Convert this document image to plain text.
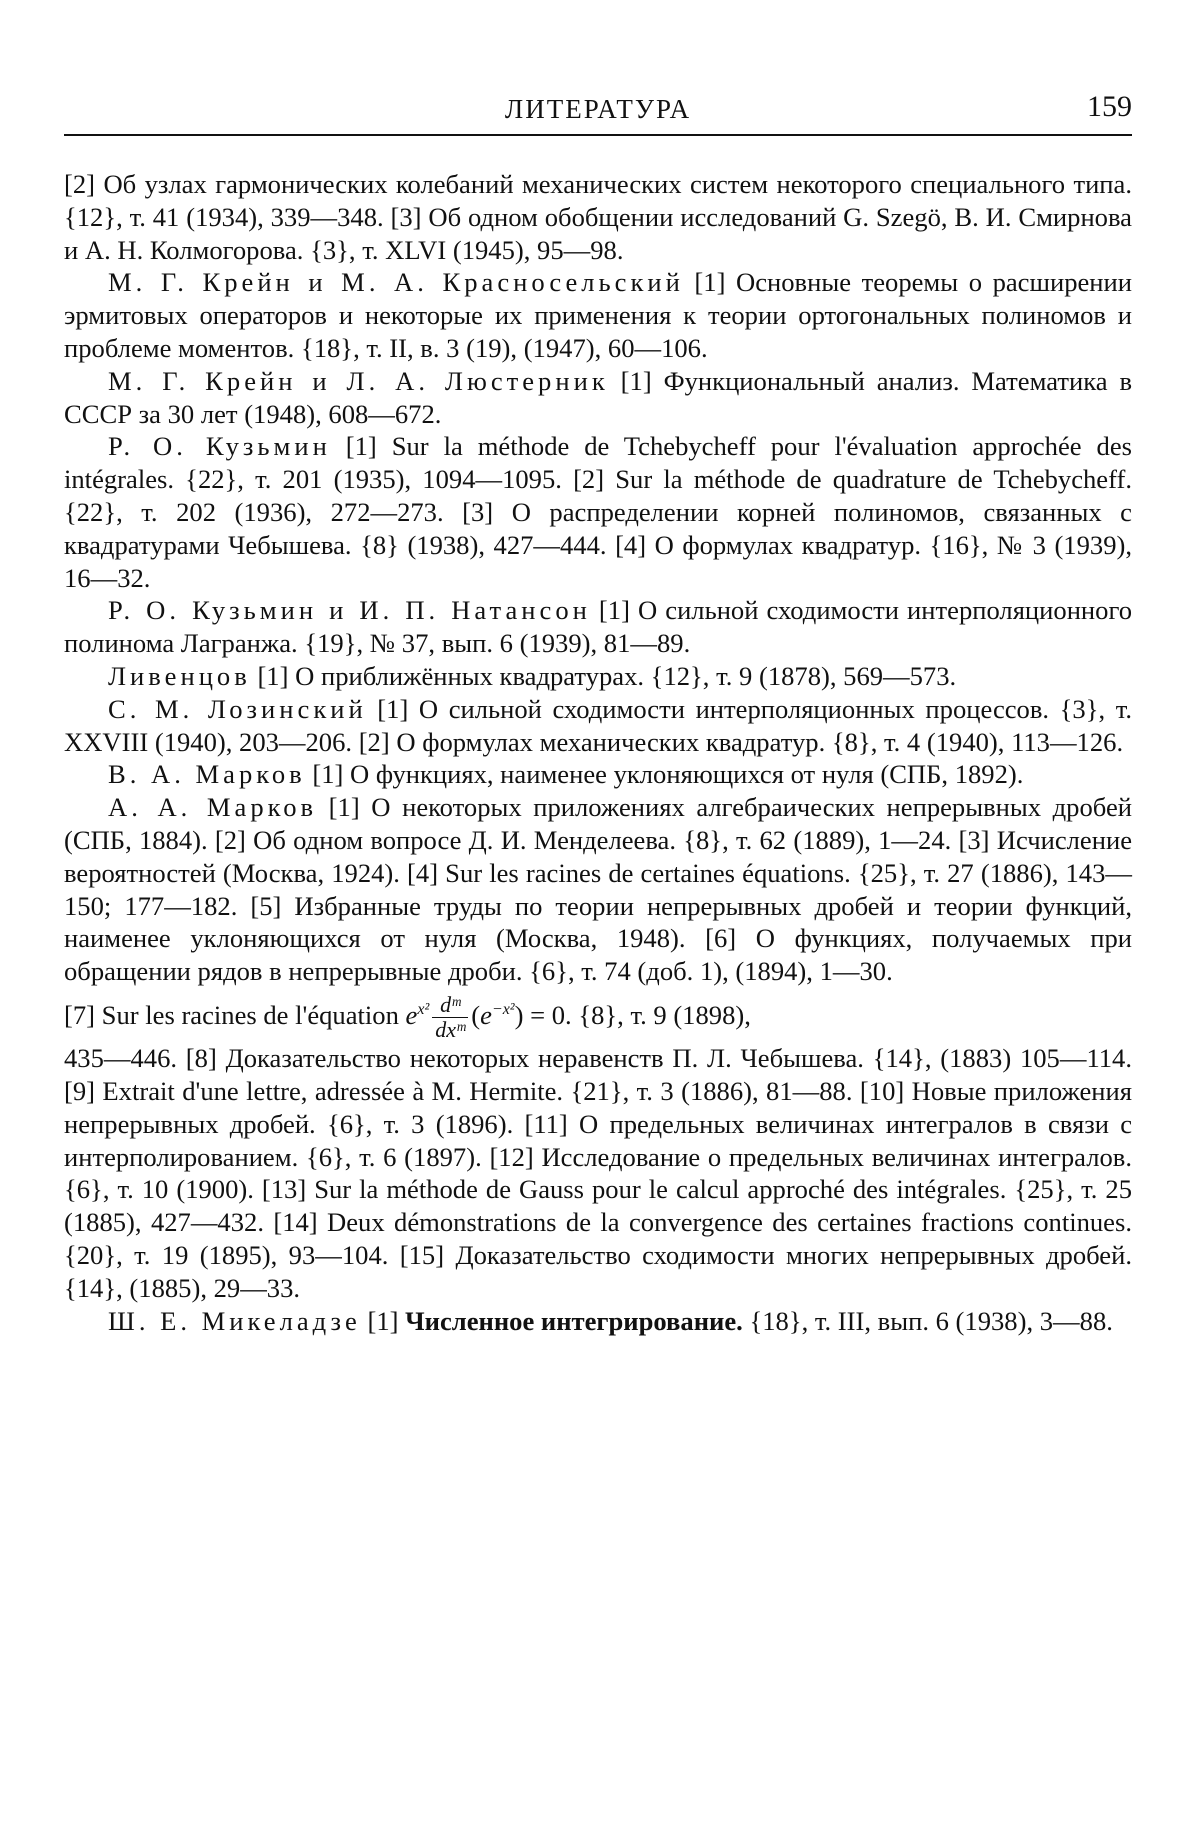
ЛИТЕРАТУРА	159

[2] Об узлах гармонических колебаний механических систем некоторого специального типа. {12}, т. 41 (1934), 339—348. [3] Об одном обобщении исследований G. Szegö, В. И. Смирнова и А. Н. Колмогорова. {3}, т. XLVI (1945), 95—98.

М. Г. Крейн и М. А. Красносельский [1] Основные теоремы о расширении эрмитовых операторов и некоторые их применения к теории ортогональных полиномов и проблеме моментов. {18}, т. II, в. 3 (19), (1947), 60—106.

М. Г. Крейн и Л. А. Люстерник [1] Функциональный анализ. Математика в СССР за 30 лет (1948), 608—672.

Р. О. Кузьмин [1] Sur la méthode de Tchebycheff pour l'évaluation approchée des intégrales. {22}, т. 201 (1935), 1094—1095. [2] Sur la méthode de quadrature de Tchebycheff. {22}, т. 202 (1936), 272—273. [3] О распределении корней полиномов, связанных с квадратурами Чебышева. {8} (1938), 427—444. [4] О формулах квадратур. {16}, № 3 (1939), 16—32.

Р. О. Кузьмин и И. П. Натансон [1] О сильной сходимости интерполяционного полинома Лагранжа. {19}, № 37, вып. 6 (1939), 81—89.

Ливенцов [1] О приближённых квадратурах. {12}, т. 9 (1878), 569—573.

С. М. Лозинский [1] О сильной сходимости интерполяционных процессов. {3}, т. XXVIII (1940), 203—206. [2] О формулах механических квадратур. {8}, т. 4 (1940), 113—126.

В. А. Марков [1] О функциях, наименее уклоняющихся от нуля (СПБ, 1892).

А. А. Марков [1] О некоторых приложениях алгебраических непрерывных дробей (СПБ, 1884). [2] Об одном вопросе Д. И. Менделеева. {8}, т. 62 (1889), 1—24. [3] Исчисление вероятностей (Москва, 1924). [4] Sur les racines de certaines équations. {25}, т. 27 (1886), 143—150; 177—182. [5] Избранные труды по теории непрерывных дробей и теории функций, наименее уклоняющихся от нуля (Москва, 1948). [6] О функциях, получаемых при обращении рядов в непрерывные дроби. {6}, т. 74 (доб. 1), (1894), 1—30.

[7] Sur les racines de l'équation $e^{x^2} \frac{\text{dᵐ}}{\text{dxᵐ}} (e^{-x^2}) = 0$. {8}, т. 9 (1898),

435—446. [8] Доказательство некоторых неравенств П. Л. Чебышева. {14}, (1883) 105—114. [9] Extrait d'une lettre, adressée à M. Hermite. {21}, т. 3 (1886), 81—88. [10] Новые приложения непрерывных дробей. {6}, т. 3 (1896). [11] О предельных величинах интегралов в связи с интерполированием. {6}, т. 6 (1897). [12] Исследование о предельных величинах интегралов. {6}, т. 10 (1900). [13] Sur la méthode de Gauss pour le calcul approché des intégrales. {25}, т. 25 (1885), 427—432. [14] Deux démonstrations de la convergence des certaines fractions continues. {20}, т. 19 (1895), 93—104. [15] Доказательство сходимости многих непрерывных дробей. {14}, (1885), 29—33.

Ш. Е. Микеладзе [1] Численное интегрирование. {18}, т. III, вып. 6 (1938), 3—88.
